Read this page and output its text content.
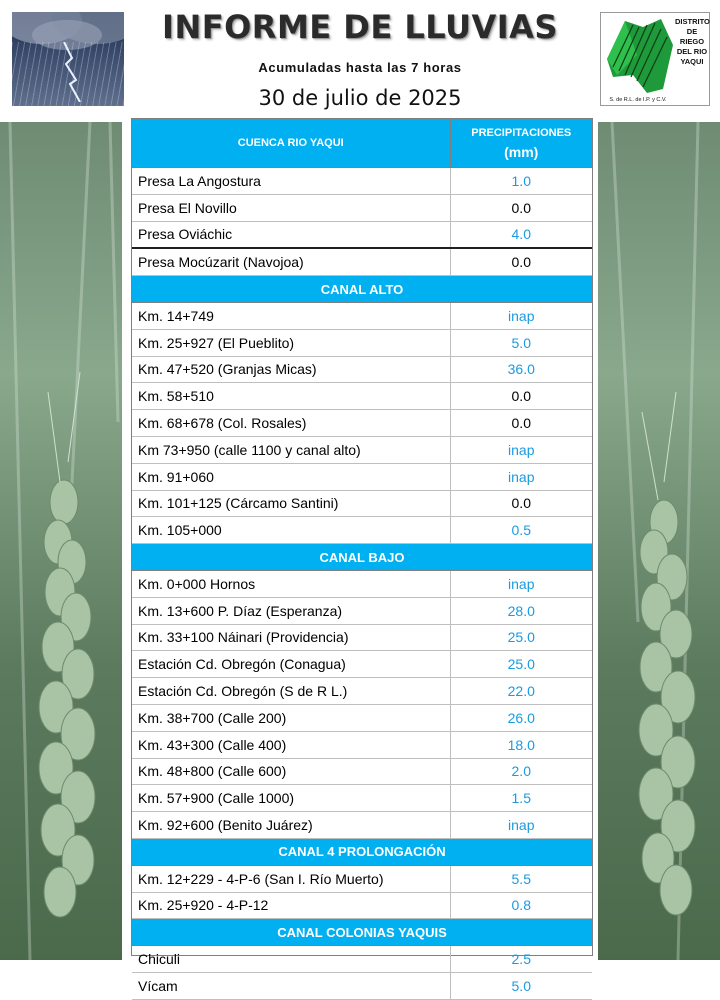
INFORME DE LLUVIAS
Acumuladas hasta las 7 horas
30 de julio de 2025
DISTRITO
DE RIEGO
DEL RIO
YAQUI
S. de R.L. de I.P. y C.V.
CUENCA RIO YAQUI	PRECIPITACIONES
(mm)

Presa La Angostura	1.0
Presa El Novillo	0.0
Presa Oviáchic	4.0
Presa Mocúzarit (Navojoa)	0.0
CANAL ALTO	
Km. 14+749	inap
Km. 25+927 (El Pueblito)	5.0
Km. 47+520 (Granjas Micas)	36.0
Km. 58+510	0.0
Km. 68+678 (Col. Rosales)	0.0
Km 73+950 (calle 1100 y canal alto)	inap
Km. 91+060	inap
Km. 101+125 (Cárcamo Santini)	0.0
Km. 105+000	0.5
CANAL BAJO	
Km. 0+000 Hornos	inap
Km. 13+600 P. Díaz (Esperanza)	28.0
Km. 33+100 Náinari (Providencia)	25.0
Estación Cd. Obregón (Conagua)	25.0
Estación Cd. Obregón (S de R L.)	22.0
Km. 38+700 (Calle 200)	26.0
Km. 43+300 (Calle 400)	18.0
Km. 48+800 (Calle 600)	2.0
Km. 57+900 (Calle 1000)	1.5
Km. 92+600 (Benito Juárez)	inap
CANAL 4 PROLONGACIÓN	
Km. 12+229 - 4-P-6 (San I. Río Muerto)	5.5
Km. 25+920 - 4-P-12	0.8
CANAL COLONIAS YAQUIS	
Chiculi	2.5
Vícam	5.0
